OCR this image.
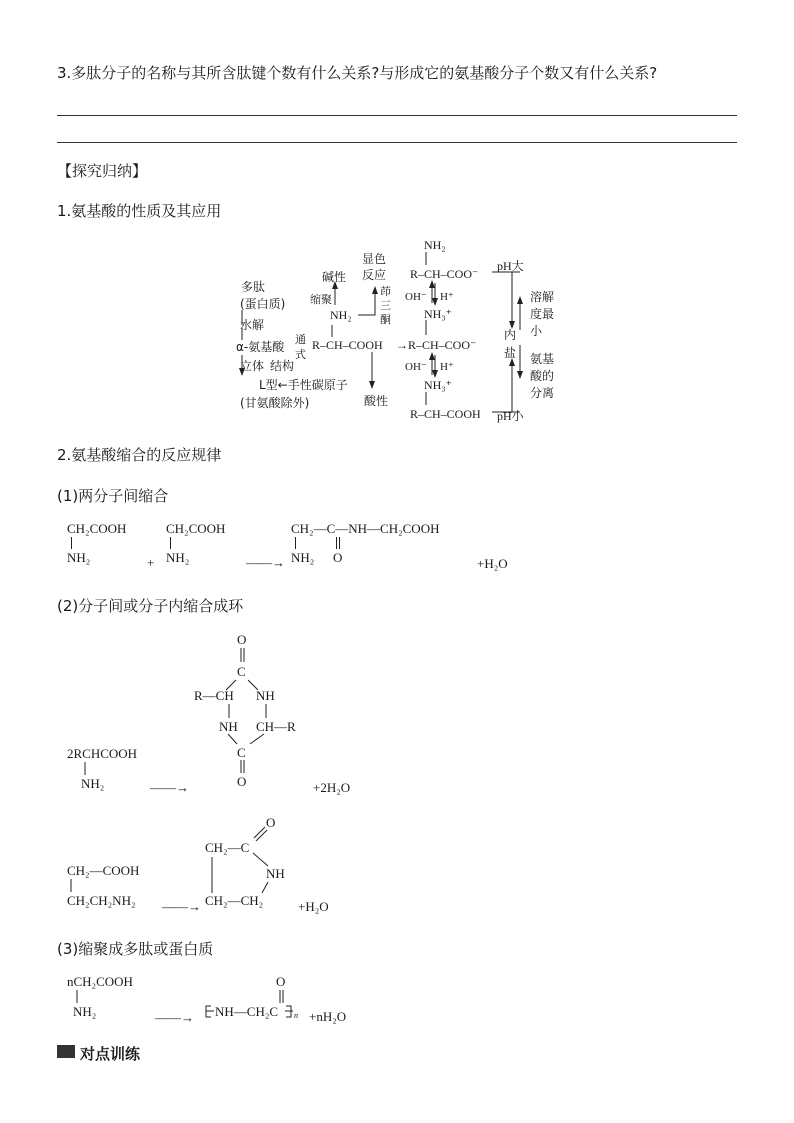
3.多肽分子的名称与其所含肽键个数有什么关系?与形成它的氨基酸分子个数又有什么关系?
【探究归纳】
1.氨基酸的性质及其应用
多肽
(蛋白质)
水解
α-氨基酸
立体 结构
通
式
L型←手性碳原子
(甘氨酸除外)
碱性
缩聚
显色
反应
茚
三
酮
酸性
NH₂
R–CH–COOH →R–CH–COO⁻
NH₂
R–CH–COO⁻
OH⁻ H⁺
NH₃⁺
OH⁻ H⁺
NH₃⁺
R–CH–COOH
pH大
pH小
内
盐
溶解
度最
小
氨基
酸的
分离
2.氨基酸缩合的反应规律
(1)两分子间缩合
CH₂COOH
NH₂	+
CH₂COOH
NH₂	——→
CH₂—C—NH—CH₂COOH
NH₂ O	+H₂O
(2)分子间或分子内缩合成环
2RCHCOOH
NH₂	——→
O
C
R—CH NH
NH CH—R
C
O	+2H₂O
CH₂—COOH
CH₂CH₂NH₂ ——→
O
CH₂—C
NH
CH₂—CH₂	+H₂O
(3)缩聚成多肽或蛋白质
nCH₂COOH
NH₂	——→
O
NH—CH₂C n +nH₂O
对点训练
